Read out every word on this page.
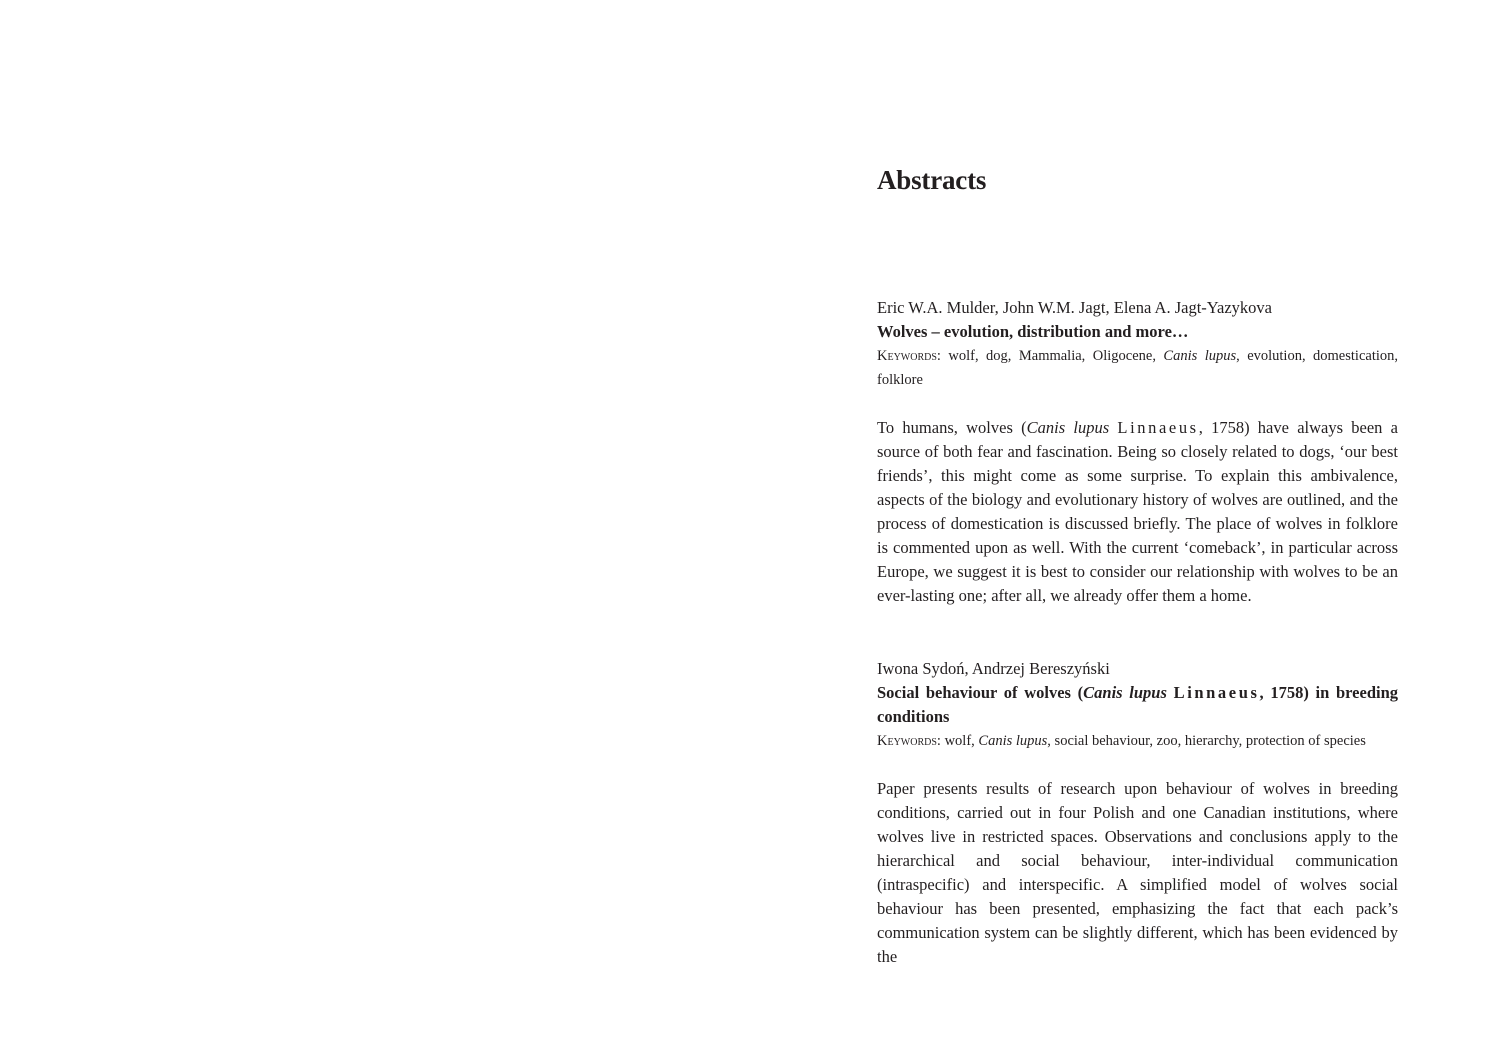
Abstracts

Eric W.A. Mulder, John W.M. Jagt, Elena A. Jagt-Yazykova

Wolves – evolution, distribution and more…

Keywords: wolf, dog, Mammalia, Oligocene, Canis lupus, evolution, domestication, folklore

To humans, wolves (Canis lupus Linnaeus, 1758) have always been a source of both fear and fascination. Being so closely related to dogs, ‘our best friends’, this might come as some surprise. To explain this ambivalence, aspects of the biology and evolutionary history of wolves are outlined, and the process of domestication is discussed briefly. The place of wolves in folklore is commented upon as well. With the current ‘comeback’, in particular across Europe, we suggest it is best to consider our relationship with wolves to be an ever-lasting one; after all, we already offer them a home.

Iwona Sydoń, Andrzej Bereszyński

Social behaviour of wolves (Canis lupus Linnaeus, 1758) in breeding conditions

Keywords: wolf, Canis lupus, social behaviour, zoo, hierarchy, protection of species

Paper presents results of research upon behaviour of wolves in breeding conditions, carried out in four Polish and one Canadian institutions, where wolves live in restricted spaces. Observations and conclusions apply to the hierarchical and social behaviour, inter-individual communication (intraspecific) and interspecific. A simplified model of wolves social behaviour has been presented, emphasizing the fact that each pack’s communication system can be slightly different, which has been evidenced by the
